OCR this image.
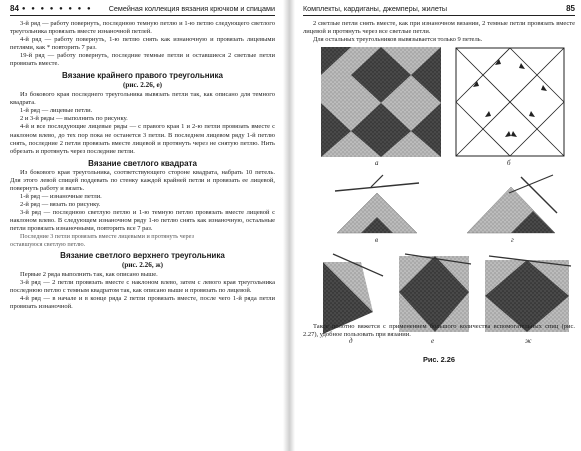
84 ● ● ● ● ● ● ● ●	Семейная коллекция вязания крючком и спицами

3-й ряд — работу повернуть, последнюю темную петлю и 1-ю петлю следующего светлого треугольника провязать вместе изнаночной петлей.

4-й ряд — работу повернуть, 1-ю петлю снять как изнаночную и провязать лицевыми петлями, как * повторить 7 раз.

19-й ряд — работу повернуть, последние темные петли и оставшиеся 2 светлые петли провязать вместе.

Вязание крайнего правого треугольника
(рис. 2.26, е)

Из бокового края последнего треугольника вывязать петли так, как описано для темного квадрата.

1-й ряд — лицевые петли.

2 и 3-й ряды — выполнить по рисунку.

4-й и все последующие лицевые ряды — с правого края 1 и 2-ю петли провязать вместе с наклоном влево, до тех пор пока не останется 3 петли. В последнем лицевом ряду 1-й петлю снять, последние 2 петли провязать вместе лицевой и протянуть через не снятую петлю. Нить обрезать и протянуть через последние петли.

Вязание светлого квадрата

Из бокового края треугольника, соответствующего стороне квадрата, набрать 10 петель. Для этого левой спицей поддевать по стенку каждой крайней петли и провязать ее лицевой, повернуть работу и вязать.

1-й ряд — изнаночные петли.

2-й ряд — вязать по рисунку.

3-й ряд — последнюю светлую петлю и 1-ю темную петлю провязать вместе лицевой с наклоном влево. В следующем изнаночном ряду 1-ю петлю снять как изнаночную, остальные петли провязать изнаночными, повторить все 7 раз.

Последние 3 петли провязать вместе лицевыми и протянуть через

оставшуюся светлую петлю.

Вязание светлого верхнего треугольника
(рис. 2.26, ж)

Первые 2 ряда выполнить так, как описано выше.

3-й ряд — 2 петли провязать вместе с наклоном влево, затем с левого края треугольника последнюю петлю с темным квадратом так, как описано выше и провязать по лицевой.

4-й ряд — в начале и в конце ряда 2 петли провязать вместе, после чего 1-й ряда петли провязать изнаночной.

Комплекты, кардиганы, джемперы, жилеты	85

2 светлые петли снять вместе, как при изнаночном вязании, 2 темные петли провязать вместе лицевой и протянуть через все светлые петли.

Для остальных треугольников вывязывается только 9 петель.

а	б
в	г
д	е	ж
Рис. 2.26

Такое полотно вяжется с применением большого количества вспомогательных спиц (рис. 2.27), удобное пользовать при вязании.
